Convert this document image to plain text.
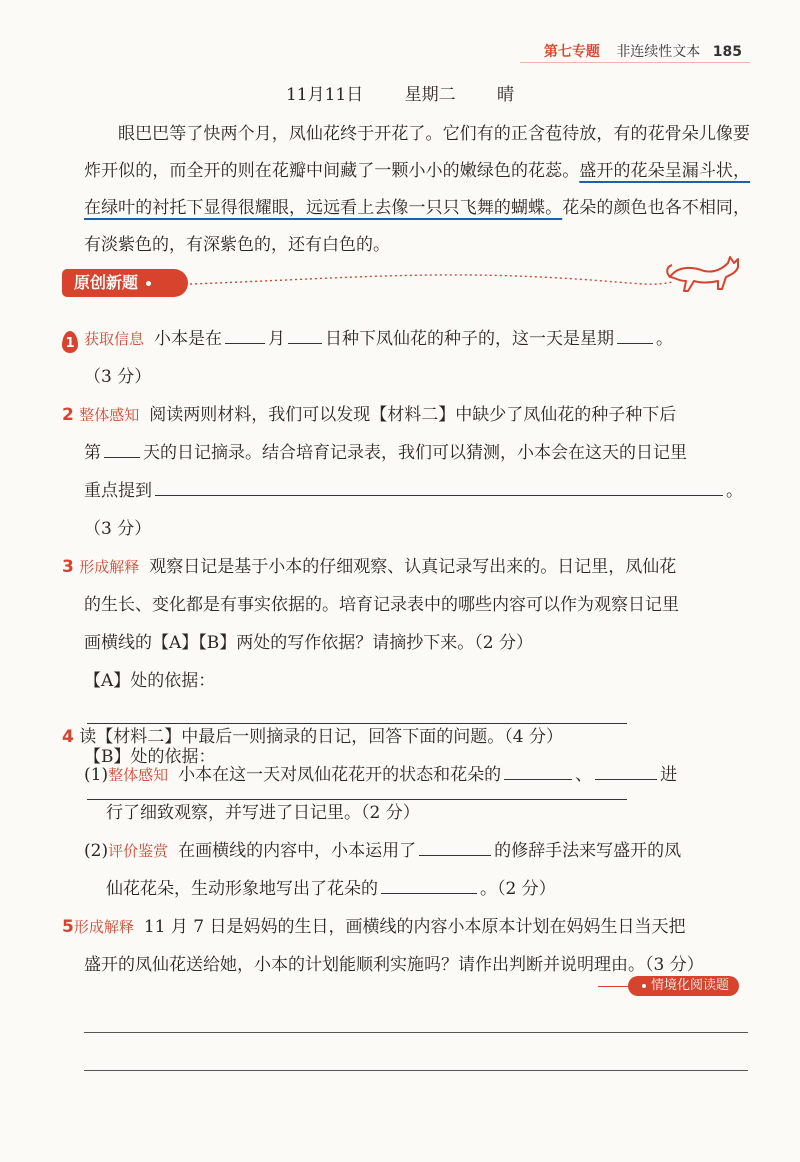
第七专题 非连续性文本 185
11月11日 星期二 晴

眼巴巴等了快两个月，凤仙花终于开花了。它们有的正含苞待放，有的花骨朵儿像要炸开似的，而全开的则在花瓣中间藏了一颗小小的嫩绿色的花蕊。盛开的花朵呈漏斗状，在绿叶的衬托下显得很耀眼，远远看上去像一只只飞舞的蝴蝶。花朵的颜色也各不相同，有淡紫色的，有深紫色的，还有白色的。

原创新题
1 获取信息 小本是在	月 日种下凤仙花的种子的，这一天是星期 。
（3 分）
2 整体感知 阅读两则材料，我们可以发现【材料二】中缺少了凤仙花的种子种下后
第 天的日记摘录。结合培育记录表，我们可以猜测，小本会在这天的日记里
重点提到	。
（3 分）
3 形成解释 观察日记是基于小本的仔细观察、认真记录写出来的。日记里，凤仙花
的生长、变化都是有事实依据的。培育记录表中的哪些内容可以作为观察日记里
画横线的【A】【B】两处的写作依据？请摘抄下来。（2 分）
【A】处的依据：
【B】处的依据：
4 读【材料二】中最后一则摘录的日记，回答下面的问题。（4 分）
(1)整体感知 小本在这一天对凤仙花花开的状态和花朵的	、	进
行了细致观察，并写进了日记里。（2 分）
(2)评价鉴赏 在画横线的内容中，小本运用了	的修辞手法来写盛开的凤
仙花花朵，生动形象地写出了花朵的	。（2 分）
5形成解释 11 月 7 日是妈妈的生日，画横线的内容小本原本计划在妈妈生日当天把
盛开的凤仙花送给她，小本的计划能顺利实施吗？请作出判断并说明理由。（3 分）
情境化阅读题
